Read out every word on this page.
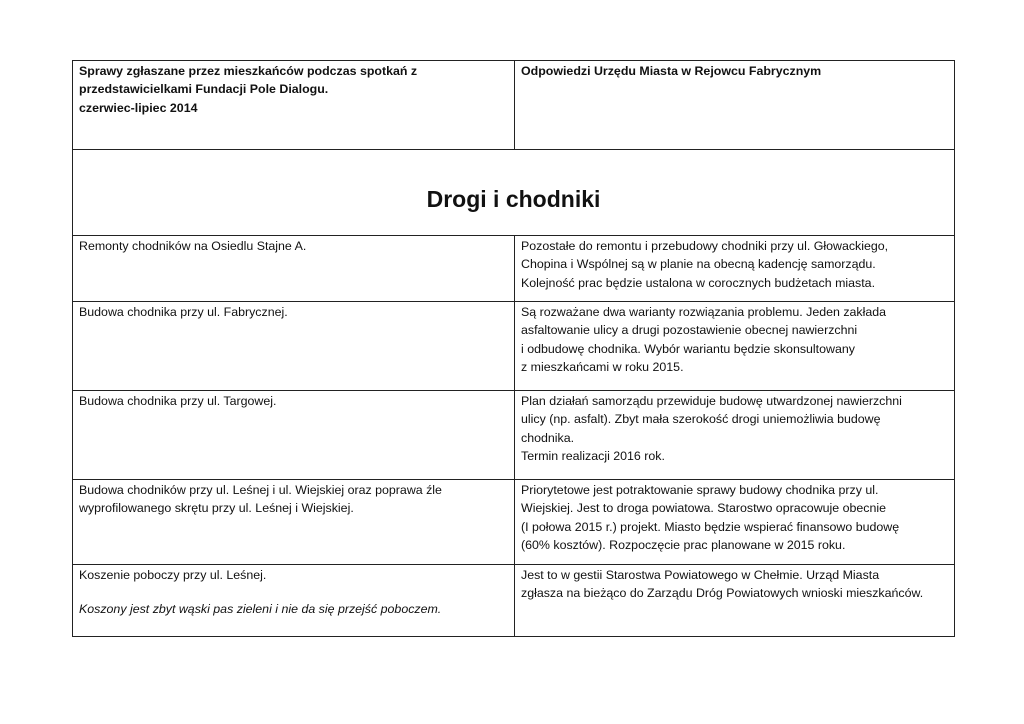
Sprawy zgłaszane przez mieszkańców podczas spotkań z
przedstawicielkami Fundacji Pole Dialogu.
czerwiec-lipiec 2014	Odpowiedzi Urzędu Miasta w Rejowcu Fabrycznym

Drogi i chodniki	

Remonty chodników na Osiedlu Stajne A.	Pozostałe do remontu i przebudowy chodniki przy ul. Głowackiego,
Chopina i Wspólnej są w planie na obecną kadencję samorządu.
Kolejność prac będzie ustalona w corocznych budżetach miasta.

Budowa chodnika przy ul. Fabrycznej.	Są rozważane dwa warianty rozwiązania problemu. Jeden zakłada
asfaltowanie ulicy a drugi pozostawienie obecnej nawierzchni
i odbudowę chodnika. Wybór wariantu będzie skonsultowany
z mieszkańcami w roku 2015.

Budowa chodnika przy ul. Targowej.	Plan działań samorządu przewiduje budowę utwardzonej nawierzchni
ulicy (np. asfalt). Zbyt mała szerokość drogi uniemożliwia budowę
chodnika.
Termin realizacji 2016 rok.

Budowa chodników przy ul. Leśnej i ul. Wiejskiej oraz poprawa źle
wyprofilowanego skrętu przy ul. Leśnej i Wiejskiej.	Priorytetowe jest potraktowanie sprawy budowy chodnika przy ul.
Wiejskiej. Jest to droga powiatowa. Starostwo opracowuje obecnie
(I połowa 2015 r.) projekt. Miasto będzie wspierać finansowo budowę
(60% kosztów). Rozpoczęcie prac planowane w 2015 roku.

Koszenie poboczy przy ul. Leśnej.
Koszony jest zbyt wąski pas zieleni i nie da się przejść poboczem.	Jest to w gestii Starostwa Powiatowego w Chełmie. Urząd Miasta
zgłasza na bieżąco do Zarządu Dróg Powiatowych wnioski mieszkańców.
